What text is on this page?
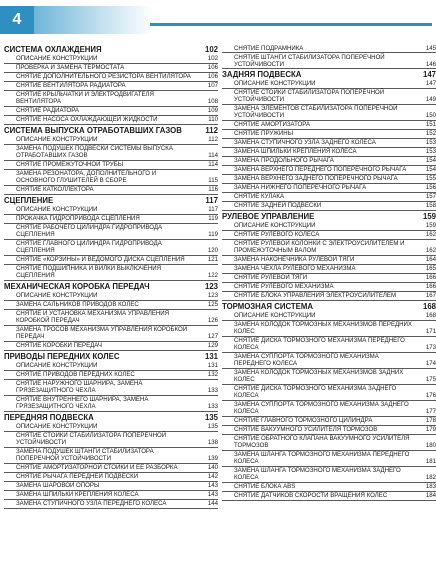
4
СИСТЕМА ОХЛАЖДЕНИЯ	102
ОПИСАНИЕ КОНСТРУКЦИИ	102
ПРОВЕРКА И ЗАМЕНА ТЕРМОСТАТА	106
СНЯТИЕ ДОПОЛНИТЕЛЬНОГО РЕЗИСТОРА ВЕНТИЛЯТОРА	106
СНЯТИЕ ВЕНТИЛЯТОРА РАДИАТОРА	107
СНЯТИЕ КРЫЛЬЧАТКИ И ЭЛЕКТРОДВИГАТЕЛЯ ВЕНТИЛЯТОРА	108
СНЯТИЕ РАДИАТОРА	109
СНЯТИЕ НАСОСА ОХЛАЖДАЮЩЕЙ ЖИДКОСТИ	110
СИСТЕМА ВЫПУСКА ОТРАБОТАВШИХ ГАЗОВ	112
ОПИСАНИЕ КОНСТРУКЦИИ	112
ЗАМЕНА ПОДУШЕК ПОДВЕСКИ СИСТЕМЫ ВЫПУСКА ОТРАБОТАВШИХ ГАЗОВ	114
СНЯТИЕ ПРОМЕЖУТОЧНОЙ ТРУБЫ	114
ЗАМЕНА РЕЗОНАТОРА, ДОПОЛНИТЕЛЬНОГО И ОСНОВНОГО ГЛУШИТЕЛЕЙ В СБОРЕ	115
СНЯТИЕ КАТКОЛЛЕКТОРА	116
СЦЕПЛЕНИЕ	117
ОПИСАНИЕ КОНСТРУКЦИИ	117
ПРОКАЧКА ГИДРОПРИВОДА СЦЕПЛЕНИЯ	119
СНЯТИЕ РАБОЧЕГО ЦИЛИНДРА ГИДРОПРИВОДА СЦЕПЛЕНИЯ	119
СНЯТИЕ ГЛАВНОГО ЦИЛИНДРА ГИДРОПРИВОДА СЦЕПЛЕНИЯ	120
СНЯТИЕ «КОРЗИНЫ» И ВЕДОМОГО ДИСКА СЦЕПЛЕНИЯ	121
СНЯТИЕ ПОДШИПНИКА И ВИЛКИ ВЫКЛЮЧЕНИЯ СЦЕПЛЕНИЯ	122
МЕХАНИЧЕСКАЯ КОРОБКА ПЕРЕДАЧ	123
ОПИСАНИЕ КОНСТРУКЦИИ	123
ЗАМЕНА САЛЬНИКОВ ПРИВОДОВ КОЛЕС	125
СНЯТИЕ И УСТАНОВКА МЕХАНИЗМА УПРАВЛЕНИЯ КОРОБКОЙ ПЕРЕДАЧ	126
ЗАМЕНА ТРОСОВ МЕХАНИЗМА УПРАВЛЕНИЯ КОРОБКОЙ ПЕРЕДАЧ	127
СНЯТИЕ КОРОБКИ ПЕРЕДАЧ	129
ПРИВОДЫ ПЕРЕДНИХ КОЛЕС	131
ОПИСАНИЕ КОНСТРУКЦИИ	131
СНЯТИЕ ПРИВОДОВ ПЕРЕДНИХ КОЛЕС	132
СНЯТИЕ НАРУЖНОГО ШАРНИРА, ЗАМЕНА ГРЯЗЕЗАЩИТНОГО ЧЕХЛА	133
СНЯТИЕ ВНУТРЕННЕГО ШАРНИРА, ЗАМЕНА ГРЯЗЕЗАЩИТНОГО ЧЕХЛА	133
ПЕРЕДНЯЯ ПОДВЕСКА	135
ОПИСАНИЕ КОНСТРУКЦИИ	135
СНЯТИЕ СТОЙКИ СТАБИЛИЗАТОРА ПОПЕРЕЧНОЙ УСТОЙЧИВОСТИ	138
ЗАМЕНА ПОДУШЕК ШТАНГИ СТАБИЛИЗАТОРА ПОПЕРЕЧНОЙ УСТОЙЧИВОСТИ	139
СНЯТИЕ АМОРТИЗАТОРНОЙ СТОЙКИ И ЕЕ РАЗБОРКА	140
СНЯТИЕ РЫЧАГА ПЕРЕДНЕЙ ПОДВЕСКИ	142
ЗАМЕНА ШАРОВОЙ ОПОРЫ	143
ЗАМЕНА ШПИЛЬКИ КРЕПЛЕНИЯ КОЛЕСА	143
ЗАМЕНА СТУПИЧНОГО УЗЛА ПЕРЕДНЕГО КОЛЕСА	144
СНЯТИЕ ПОДРАМНИКА	145
СНЯТИЕ ШТАНГИ СТАБИЛИЗАТОРА ПОПЕРЕЧНОЙ УСТОЙЧИВОСТИ	146
ЗАДНЯЯ ПОДВЕСКА	147
ОПИСАНИЕ КОНСТРУКЦИИ	147
СНЯТИЕ СТОЙКИ СТАБИЛИЗАТОРА ПОПЕРЕЧНОЙ УСТОЙЧИВОСТИ	149
ЗАМЕНА ЭЛЕМЕНТОВ СТАБИЛИЗАТОРА ПОПЕРЕЧНОЙ УСТОЙЧИВОСТИ	150
СНЯТИЕ АМОРТИЗАТОРА	151
СНЯТИЕ ПРУЖИНЫ	152
ЗАМЕНА СТУПИЧНОГО УЗЛА ЗАДНЕГО КОЛЕСА	153
ЗАМЕНА ШПИЛЬКИ КРЕПЛЕНИЯ КОЛЕСА	153
ЗАМЕНА ПРОДОЛЬНОГО РЫЧАГА	154
ЗАМЕНА ВЕРХНЕГО ПЕРЕДНЕГО ПОПЕРЕЧНОГО РЫЧАГА	154
ЗАМЕНА ВЕРХНЕГО ЗАДНЕГО ПОПЕРЕЧНОГО РЫЧАГА	155
ЗАМЕНА НИЖНЕГО ПОПЕРЕЧНОГО РЫЧАГА	156
СНЯТИЕ КУЛАКА	157
СНЯТИЕ ЗАДНЕЙ ПОДВЕСКИ	158
РУЛЕВОЕ УПРАВЛЕНИЕ	159
ОПИСАНИЕ КОНСТРУКЦИИ	159
СНЯТИЕ РУЛЕВОГО КОЛЕСА	162
СНЯТИЕ РУЛЕВОЙ КОЛОНКИ С ЭЛЕКТРОУСИЛИТЕЛЕМ И ПРОМЕЖУТОЧНЫМ ВАЛОМ	162
ЗАМЕНА НАКОНЕЧНИКА РУЛЕВОЙ ТЯГИ	164
ЗАМЕНА ЧЕХЛА РУЛЕВОГО МЕХАНИЗМА	165
СНЯТИЕ РУЛЕВОЙ ТЯГИ	166
СНЯТИЕ РУЛЕВОГО МЕХАНИЗМА	166
СНЯТИЕ БЛОКА УПРАВЛЕНИЯ ЭЛЕКТРОУСИЛИТЕЛЕМ	167
ТОРМОЗНАЯ СИСТЕМА	168
ОПИСАНИЕ КОНСТРУКЦИИ	168
ЗАМЕНА КОЛОДОК ТОРМОЗНЫХ МЕХАНИЗМОВ ПЕРЕДНИХ КОЛЕС	171
СНЯТИЕ ДИСКА ТОРМОЗНОГО МЕХАНИЗМА ПЕРЕДНЕГО КОЛЕСА	173
ЗАМЕНА СУППОРТА ТОРМОЗНОГО МЕХАНИЗМА ПЕРЕДНЕГО КОЛЕСА	174
ЗАМЕНА КОЛОДОК ТОРМОЗНЫХ МЕХАНИЗМОВ ЗАДНИХ КОЛЕС	175
СНЯТИЕ ДИСКА ТОРМОЗНОГО МЕХАНИЗМА ЗАДНЕГО КОЛЕСА	176
ЗАМЕНА СУППОРТА ТОРМОЗНОГО МЕХАНИЗМА ЗАДНЕГО КОЛЕСА	177
СНЯТИЕ ГЛАВНОГО ТОРМОЗНОГО ЦИЛИНДРА	178
СНЯТИЕ ВАКУУМНОГО УСИЛИТЕЛЯ ТОРМОЗОВ	179
СНЯТИЕ ОБРАТНОГО КЛАПАНА ВАКУУМНОГО УСИЛИТЕЛЯ ТОРМОЗОВ	180
ЗАМЕНА ШЛАНГА ТОРМОЗНОГО МЕХАНИЗМА ПЕРЕДНЕГО КОЛЕСА	181
ЗАМЕНА ШЛАНГА ТОРМОЗНОГО МЕХАНИЗМА ЗАДНЕГО КОЛЕСА	182
СНЯТИЕ БЛОКА ABS	183
СНЯТИЕ ДАТЧИКОВ СКОРОСТИ ВРАЩЕНИЯ КОЛЕС	184
